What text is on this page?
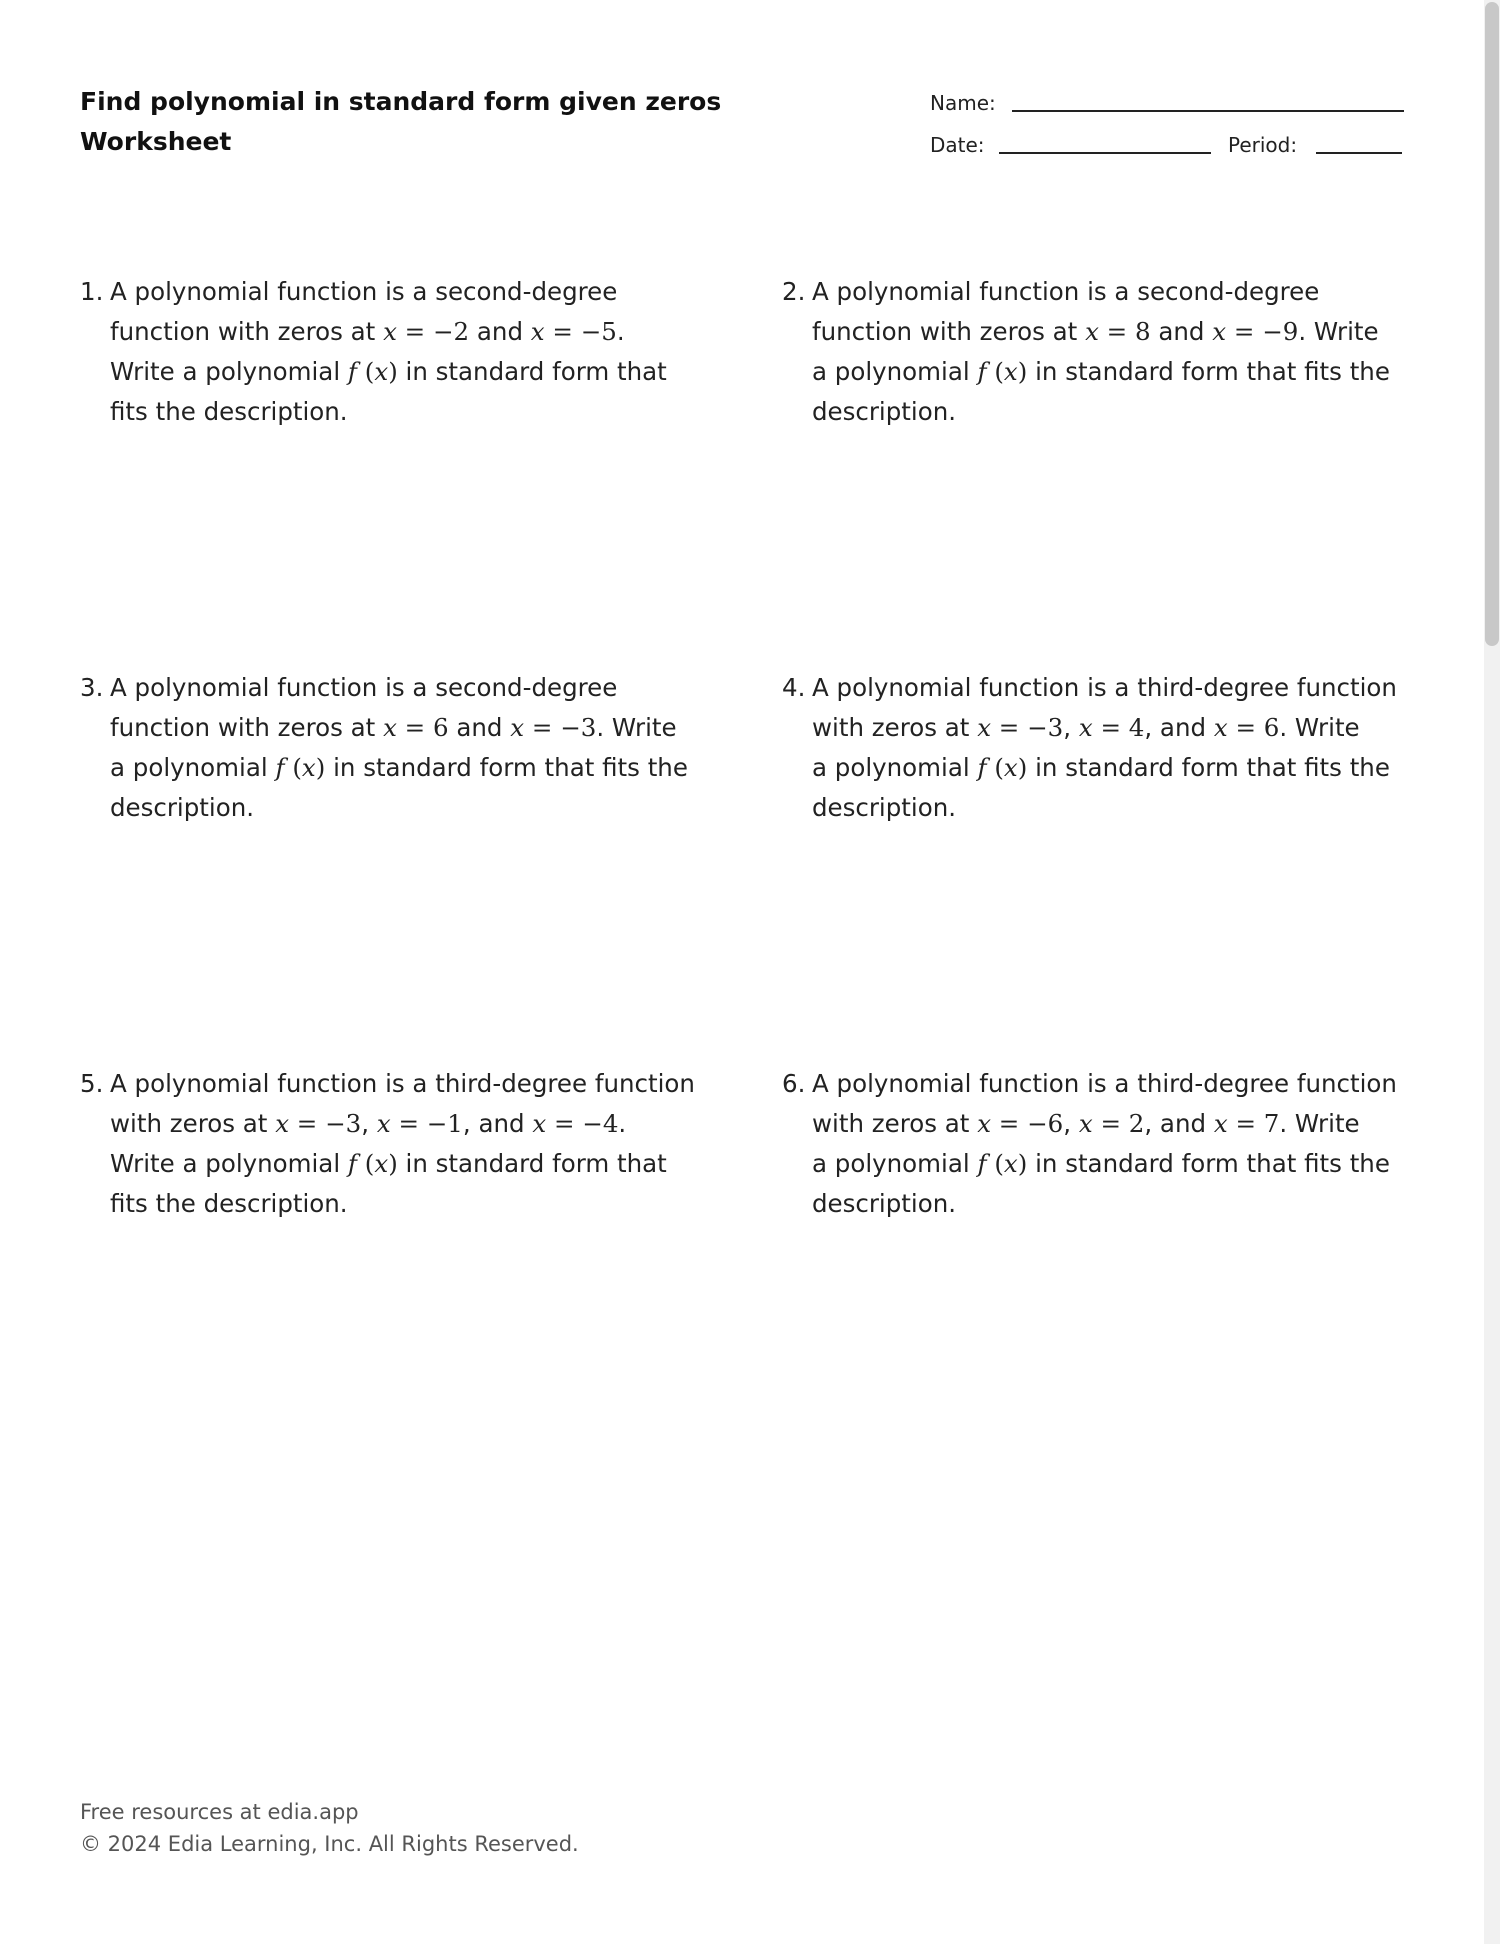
Find polynomial in standard form given zeros
Worksheet
Name:
Date:	Period:
1. A polynomial function is a second-degree
function with zeros at x = −2 and x = −5.
Write a polynomial f (x) in standard form that
fits the description.
2. A polynomial function is a second-degree
function with zeros at x = 8 and x = −9. Write
a polynomial f (x) in standard form that fits the
description.
3. A polynomial function is a second-degree
function with zeros at x = 6 and x = −3. Write
a polynomial f (x) in standard form that fits the
description.
4. A polynomial function is a third-degree function
with zeros at x = −3, x = 4, and x = 6. Write
a polynomial f (x) in standard form that fits the
description.
5. A polynomial function is a third-degree function
with zeros at x = −3, x = −1, and x = −4.
Write a polynomial f (x) in standard form that
fits the description.
6. A polynomial function is a third-degree function
with zeros at x = −6, x = 2, and x = 7. Write
a polynomial f (x) in standard form that fits the
description.
Free resources at edia.app
© 2024 Edia Learning, Inc. All Rights Reserved.
